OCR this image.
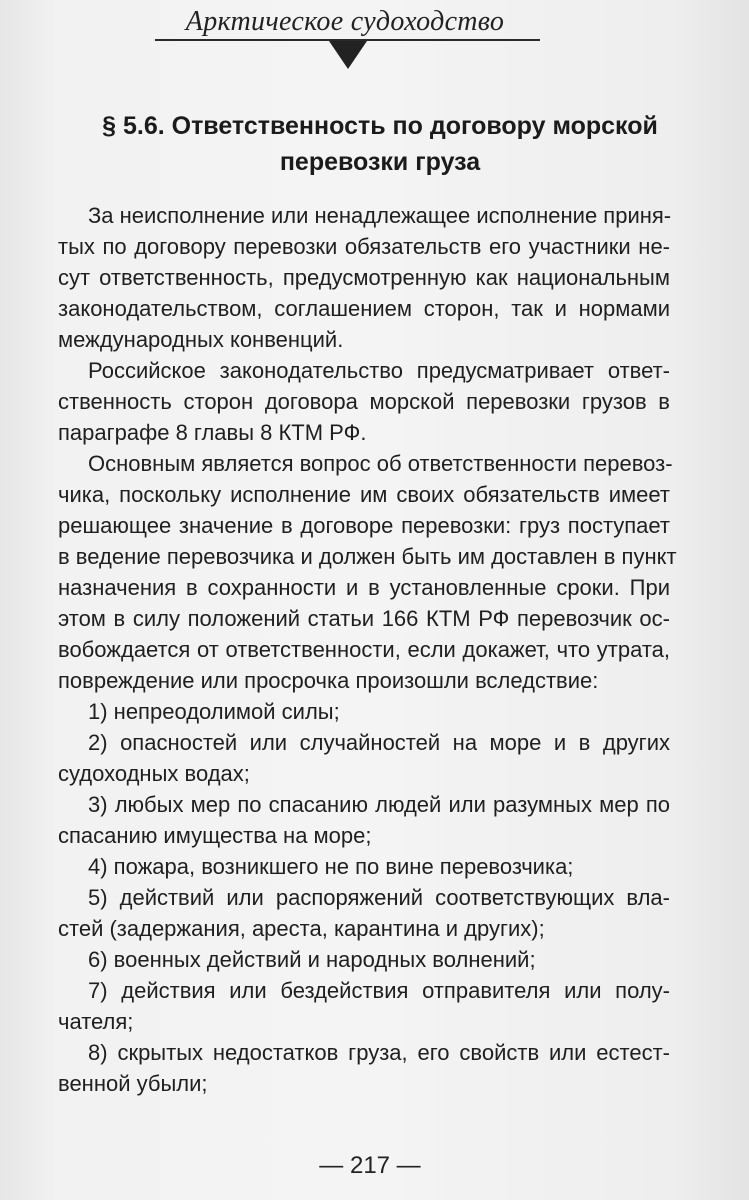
Арктическое судоходство
§ 5.6. Ответственность по договору морской
перевозки груза
За неисполнение или ненадлежащее исполнение приня-
тых по договору перевозки обязательств его участники не-
сут ответственность, предусмотренную как национальным
законодательством, соглашением сторон, так и нормами
международных конвенций.
Российское законодательство предусматривает ответ-
ственность сторон договора морской перевозки грузов в
параграфе 8 главы 8 КТМ РФ.
Основным является вопрос об ответственности перевоз-
чика, поскольку исполнение им своих обязательств имеет
решающее значение в договоре перевозки: груз поступает
в ведение перевозчика и должен быть им доставлен в пункт
назначения в сохранности и в установленные сроки. При
этом в силу положений статьи 166 КТМ РФ перевозчик ос-
вобождается от ответственности, если докажет, что утрата,
повреждение или просрочка произошли вследствие:
1) непреодолимой силы;
2) опасностей или случайностей на море и в других
судоходных водах;
3) любых мер по спасанию людей или разумных мер по
спасанию имущества на море;
4) пожара, возникшего не по вине перевозчика;
5) действий или распоряжений соответствующих вла-
стей (задержания, ареста, карантина и других);
6) военных действий и народных волнений;
7) действия или бездействия отправителя или полу-
чателя;
8) скрытых недостатков груза, его свойств или естест-
венной убыли;
— 217 —
